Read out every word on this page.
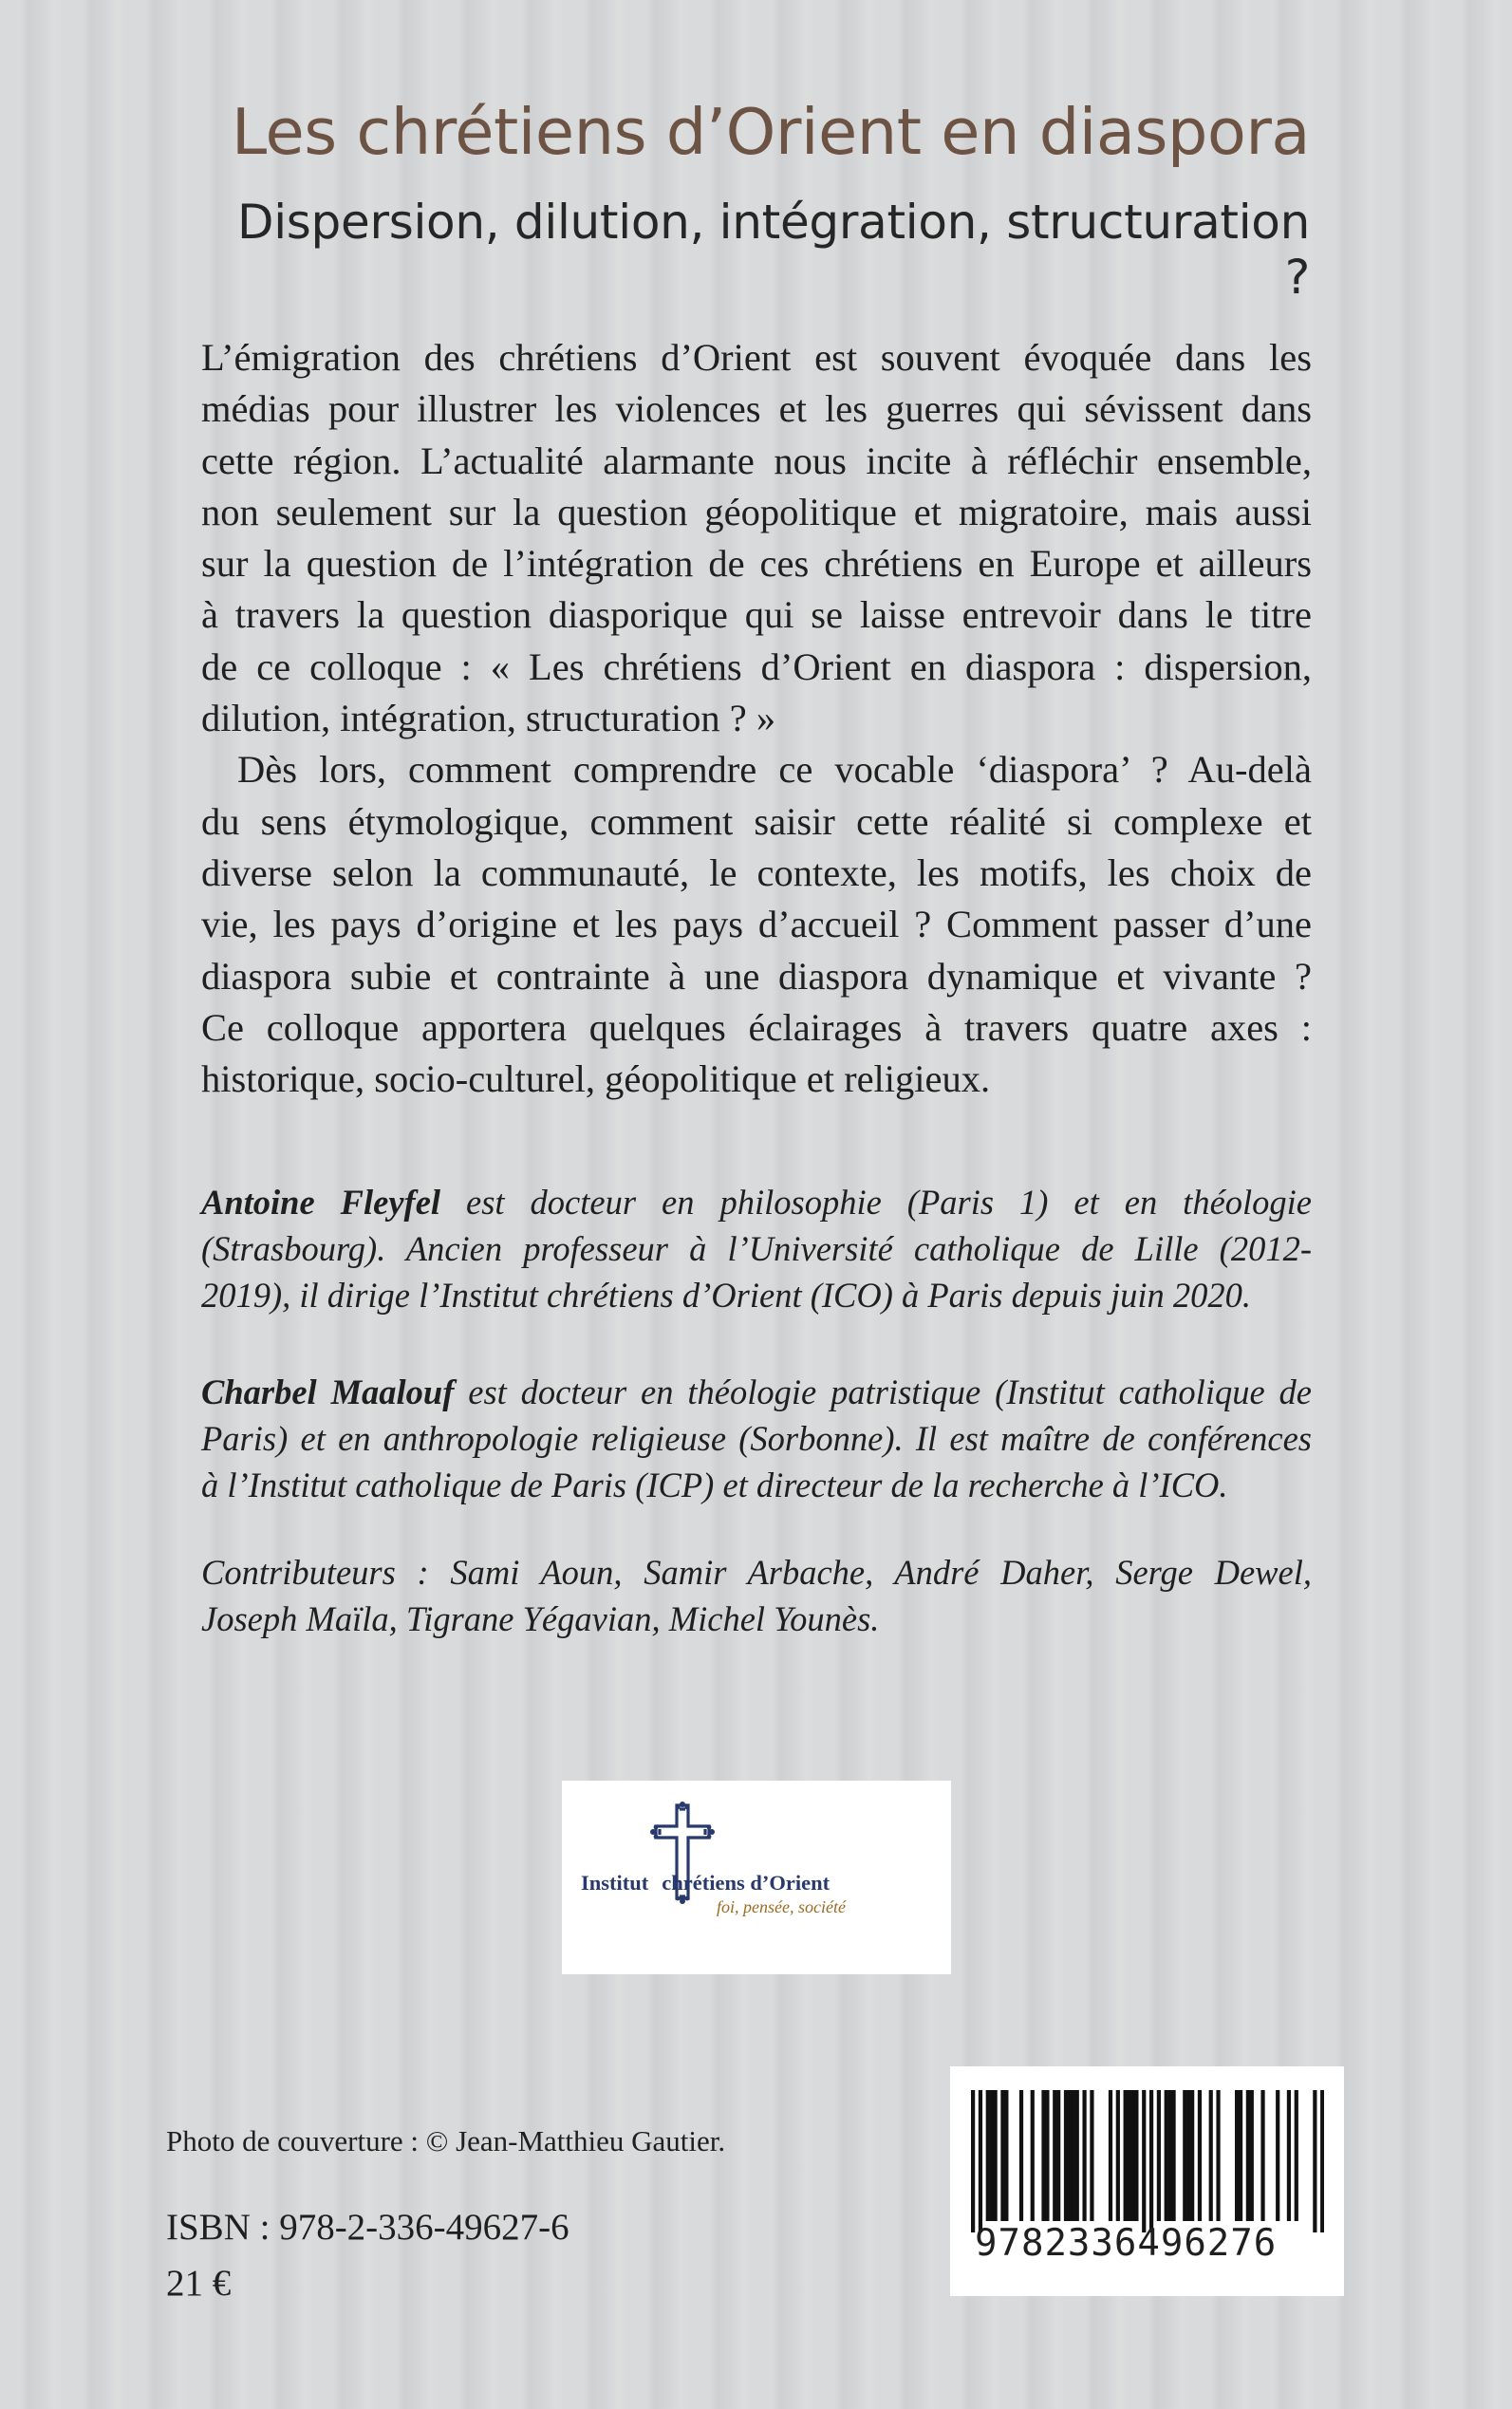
Les chrétiens d’Orient en diaspora
Dispersion, dilution, intégration, structuration ?
L’émigration des chrétiens d’Orient est souvent évoquée dans les
médias pour illustrer les violences et les guerres qui sévissent dans
cette région. L’actualité alarmante nous incite à réfléchir ensemble,
non seulement sur la question géopolitique et migratoire, mais aussi
sur la question de l’intégration de ces chrétiens en Europe et ailleurs
à travers la question diasporique qui se laisse entrevoir dans le titre
de ce colloque : « Les chrétiens d’Orient en diaspora : dispersion,
dilution, intégration, structuration ? »
Dès lors, comment comprendre ce vocable ‘diaspora’ ? Au-delà
du sens étymologique, comment saisir cette réalité si complexe et
diverse selon la communauté, le contexte, les motifs, les choix de
vie, les pays d’origine et les pays d’accueil ? Comment passer d’une
diaspora subie et contrainte à une diaspora dynamique et vivante ?
Ce colloque apportera quelques éclairages à travers quatre axes :
historique, socio-culturel, géopolitique et religieux.
Antoine Fleyfel est docteur en philosophie (Paris 1) et en théologie
(Strasbourg). Ancien professeur à l’Université catholique de Lille (2012-
2019), il dirige l’Institut chrétiens d’Orient (ICO) à Paris depuis juin 2020.
Charbel Maalouf est docteur en théologie patristique (Institut catholique de
Paris) et en anthropologie religieuse (Sorbonne). Il est maître de conférences
à l’Institut catholique de Paris (ICP) et directeur de la recherche à l’ICO.
Contributeurs : Sami Aoun, Samir Arbache, André Daher, Serge Dewel,
Joseph Maïla, Tigrane Yégavian, Michel Younès.
Institut chrétiens d’Orient
foi, pensée, société

Photo de couverture : © Jean-Matthieu Gautier.

ISBN : 978-2-336-49627-6

21 €

9782336496276
